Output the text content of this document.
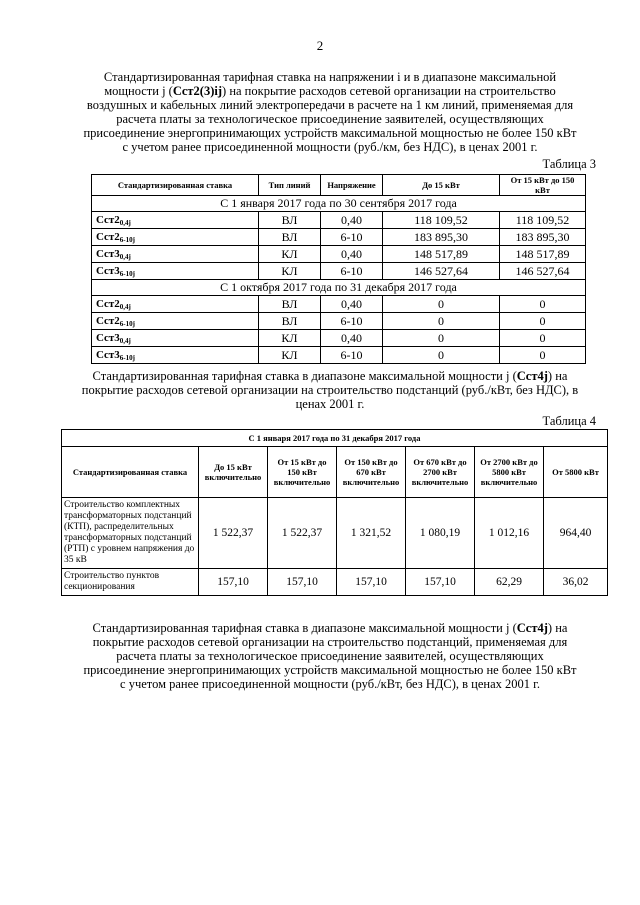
2
Стандартизированная тарифная ставка на напряжении i и в диапазоне максимальной мощности j (Cст2(3)ij) на покрытие расходов сетевой организации на строительство воздушных и кабельных линий электропередачи в расчете на 1 км линий, применяемая для расчета платы за технологическое присоединение заявителей, осуществляющих присоединение энергопринимающих устройств максимальной мощностью не более 150 кВт с учетом ранее присоединенной мощности (руб./км, без НДС), в ценах 2001 г.
Таблица 3
Стандартизированная ставка	Тип линий	Напряжение	До 15 кВт	От 15 кВт до 150 кВт
С 1 января 2017 года по 30 сентября 2017 года				
$Cст2_{0,4j}$	ВЛ	0,40	118 109,52	118 109,52
$Cст2_{6-10j}$	ВЛ	6-10	183 895,30	183 895,30
$Cст3_{0,4j}$	КЛ	0,40	148 517,89	148 517,89
$Cст3_{6-10j}$	КЛ	6-10	146 527,64	146 527,64
С 1 октября 2017 года по 31 декабря 2017 года				
$Cст2_{0,4j}$	ВЛ	0,40	0	0
$Cст2_{6-10j}$	ВЛ	6-10	0	0
$Cст3_{0,4j}$	КЛ	0,40	0	0
$Cст3_{6-10j}$	КЛ	6-10	0	0
Стандартизированная тарифная ставка в диапазоне максимальной мощности j (Cст4j) на покрытие расходов сетевой организации на строительство подстанций (руб./кВт, без НДС), в ценах 2001 г.
Таблица 4
С 1 января 2017 года по 31 декабря 2017 года						
Стандартизированная ставка	До 15 кВт включительно	От 15 кВт до 150 кВт включительно	От 150 кВт до 670 кВт включительно	От 670 кВт до 2700 кВт включительно	От 2700 кВт до 5800 кВт включительно	От 5800 кВт
Строительство комплектных трансформаторных подстанций (КТП), распределительных трансформаторных подстанций (РТП) с уровнем напряжения до 35 кВ	1 522,37	1 522,37	1 321,52	1 080,19	1 012,16	964,40
Строительство пунктов секционирования	157,10	157,10	157,10	157,10	62,29	36,02
Стандартизированная тарифная ставка в диапазоне максимальной мощности j (Cст4j) на покрытие расходов сетевой организации на строительство подстанций, применяемая для расчета платы за технологическое присоединение заявителей, осуществляющих присоединение энергопринимающих устройств максимальной мощностью не более 150 кВт с учетом ранее присоединенной мощности (руб./кВт, без НДС), в ценах 2001 г.
